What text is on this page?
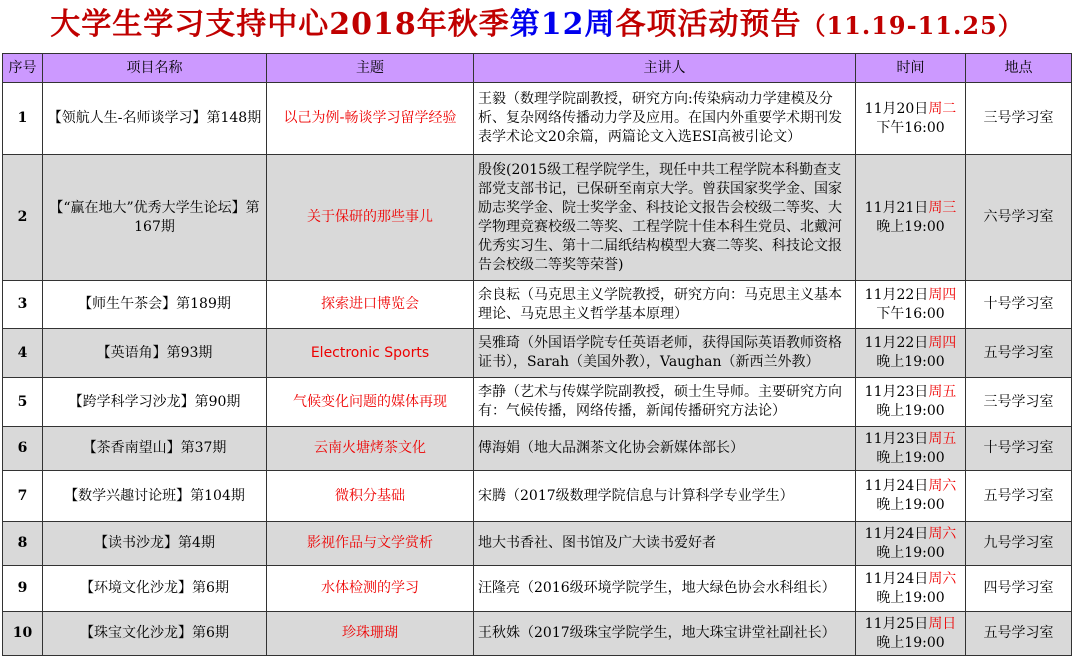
大学生学习支持中心2018年秋季第12周各项活动预告（11.19-11.25）
序号	项目名称	主题	主讲人	时间	地点
1	【领航人生-名师谈学习】第148期	以己为例-畅谈学习留学经验	王毅（数理学院副教授，研究方向:传染病动力学建模及分析、复杂网络传播动力学及应用。在国内外重要学术期刊发表学术论文20余篇，两篇论文入选ESI高被引论文）	11月20日周二
下午16:00	三号学习室
2	【“赢在地大”优秀大学生论坛】第167期	关于保研的那些事儿	殷俊(2015级工程学院学生，现任中共工程学院本科勤查支部党支部书记，已保研至南京大学。曾获国家奖学金、国家励志奖学金、院士奖学金、科技论文报告会校级二等奖、大学物理竞赛校级二等奖、工程学院十佳本科生党员、北戴河优秀实习生、第十二届纸结构模型大赛二等奖、科技论文报告会校级二等奖等荣誉)	11月21日周三
晚上19:00	六号学习室
3	【师生午茶会】第189期	探索进口博览会	余良耘（马克思主义学院教授，研究方向：马克思主义基本理论、马克思主义哲学基本原理）	11月22日周四
下午16:00	十号学习室
4	【英语角】第93期	Electronic Sports	吴雅琦（外国语学院专任英语老师，获得国际英语教师资格证书），Sarah（美国外教），Vaughan（新西兰外教）	11月22日周四
晚上19:00	五号学习室
5	【跨学科学习沙龙】第90期	气候变化问题的媒体再现	李静（艺术与传媒学院副教授，硕士生导师。主要研究方向有：气候传播，网络传播，新闻传播研究方法论）	11月23日周五
晚上19:00	三号学习室
6	【茶香南望山】第37期	云南火塘烤茶文化	傅海娟（地大品渊茶文化协会新媒体部长）	11月23日周五
晚上19:00	十号学习室
7	【数学兴趣讨论班】第104期	微积分基础	宋腾（2017级数理学院信息与计算科学专业学生）	11月24日周六
晚上19:00	五号学习室
8	【读书沙龙】第4期	影视作品与文学赏析	地大书香社、图书馆及广大读书爱好者	11月24日周六
晚上19:00	九号学习室
9	【环境文化沙龙】第6期	水体检测的学习	汪隆亮（2016级环境学院学生，地大绿色协会水科组长）	11月24日周六
晚上19:00	四号学习室
10	【珠宝文化沙龙】第6期	珍珠珊瑚	王秋姝（2017级珠宝学院学生，地大珠宝讲堂社副社长）	11月25日周日
晚上19:00	五号学习室
